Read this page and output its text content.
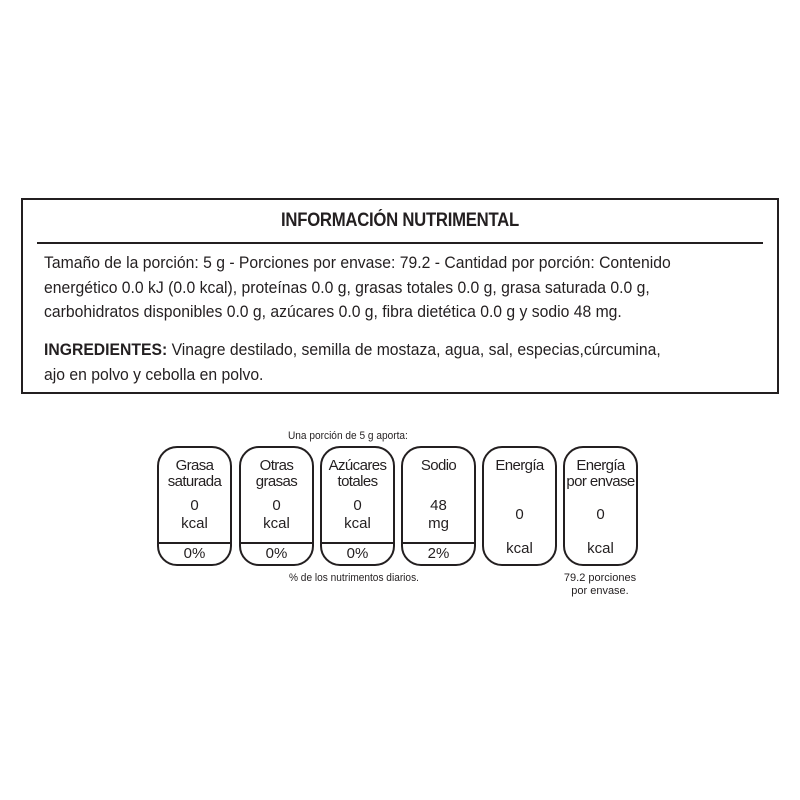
INFORMACIÓN NUTRIMENTAL
Tamaño de la porción: 5 g - Porciones por envase: 79.2 - Cantidad por porción: Contenido
energético 0.0 kJ (0.0 kcal), proteínas 0.0 g, grasas totales 0.0 g, grasa saturada 0.0 g,
carbohidratos disponibles 0.0 g, azúcares 0.0 g, fibra dietética 0.0 g y sodio 48 mg.
INGREDIENTES: Vinagre destilado, semilla de mostaza, agua, sal, especias,cúrcumina,
ajo en polvo y cebolla en polvo.
Una porción de 5 g aporta:
Grasa
saturada
0
kcal
0%
Otras
grasas
0
kcal
0%
Azúcares
totales
0
kcal
0%
Sodio
48
mg
2%
Energía
0
kcal
Energía
por envase
0
kcal
% de los nutrimentos diarios.	79.2 porciones
por envase.
